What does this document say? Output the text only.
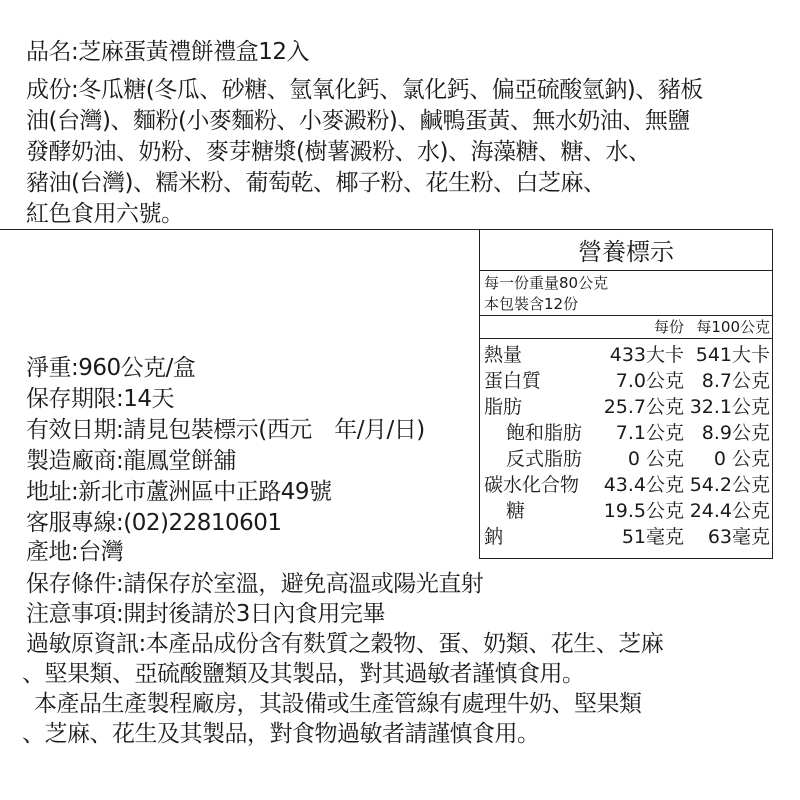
品名:芝麻蛋黃禮餅禮盒12入

成份:冬瓜糖(冬瓜、砂糖、氫氧化鈣、氯化鈣、偏亞硫酸氫鈉)、豬板

油(台灣)、麵粉(小麥麵粉、小麥澱粉)、鹹鴨蛋黃、無水奶油、無鹽

發酵奶油、奶粉、麥芽糖漿(樹薯澱粉、水)、海藻糖、糖、水、

豬油(台灣)、糯米粉、葡萄乾、椰子粉、花生粉、白芝麻、

紅色食用六號。

淨重:960公克/盒

保存期限:14天

有效日期:請見包裝標示(西元　年/月/日)

製造廠商:龍鳳堂餅舖

地址:新北市蘆洲區中正路49號

客服專線:(02)22810601

產地:台灣

保存條件:請保存於室溫，避免高溫或陽光直射

注意事項:開封後請於3日內食用完畢

過敏原資訊:本產品成份含有麩質之穀物、蛋、奶類、花生、芝麻

、堅果類、亞硫酸鹽類及其製品，對其過敏者謹慎食用。

本產品生產製程廠房，其設備或生產管線有處理牛奶、堅果類

、芝麻、花生及其製品，對食物過敏者請謹慎食用。

營養標示
每一份重量80公克
本包裝含12份
每份 每100公克
熱量	433大卡 541大卡
蛋白質	7.0公克 8.7公克
脂肪	25.7公克 32.1公克
飽和脂肪 7.1公克 8.9公克
反式脂肪 0 公克 0 公克
碳水化合物 43.4公克 54.2公克
糖	19.5公克 24.4公克
鈉	51毫克 63毫克
